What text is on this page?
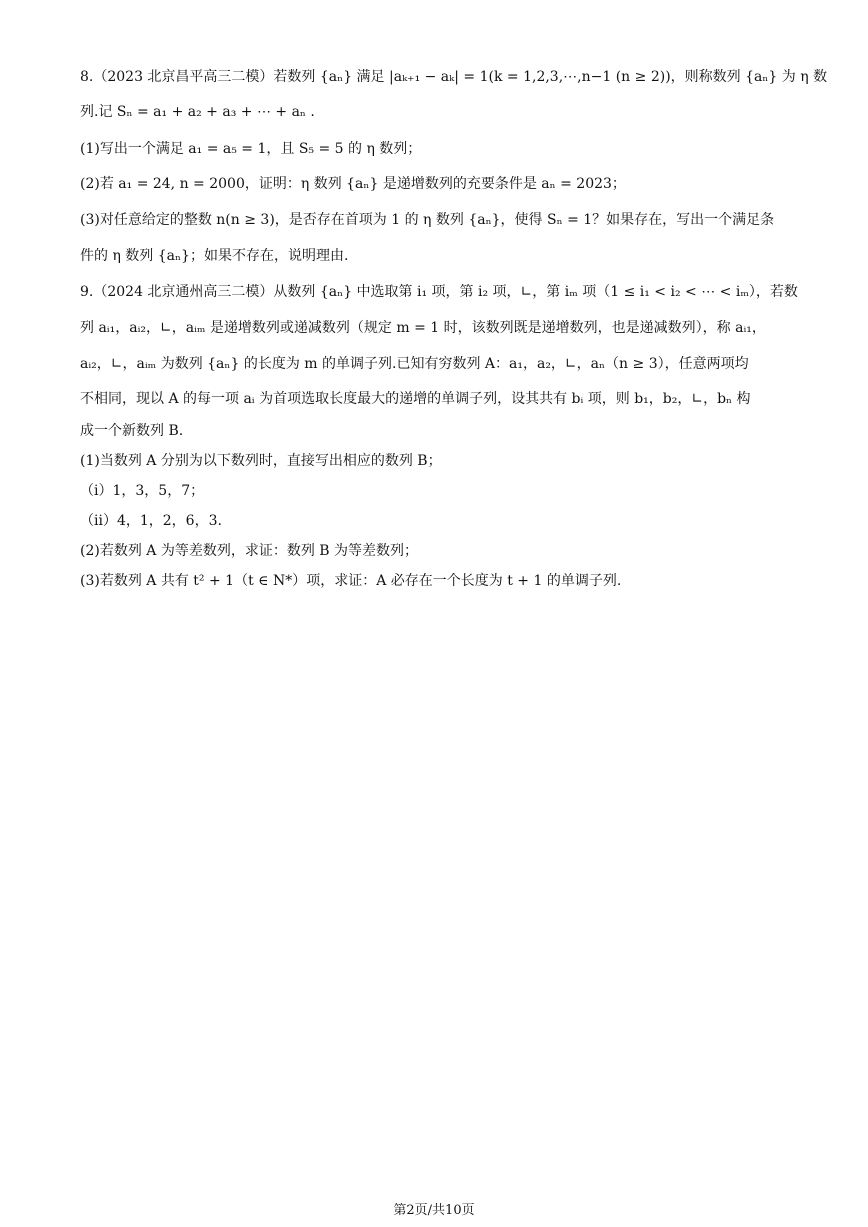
8.（2023 北京昌平高三二模）若数列 {aₙ} 满足 |aₖ₊₁ − aₖ| = 1(k = 1,2,3,⋯,n−1 (n ≥ 2))，则称数列 {aₙ} 为 η 数
列.记 Sₙ = a₁ + a₂ + a₃ + ⋯ + aₙ .
(1)写出一个满足 a₁ = a₅ = 1，且 S₅ = 5 的 η 数列；
(2)若 a₁ = 24, n = 2000，证明：η 数列 {aₙ} 是递增数列的充要条件是 aₙ = 2023；
(3)对任意给定的整数 n(n ≥ 3)，是否存在首项为 1 的 η 数列 {aₙ}，使得 Sₙ = 1？如果存在，写出一个满足条
件的 η 数列 {aₙ}；如果不存在，说明理由.
9.（2024 北京通州高三二模）从数列 {aₙ} 中选取第 i₁ 项，第 i₂ 项，∟，第 iₘ 项（1 ≤ i₁ < i₂ < ⋯ < iₘ），若数
列 aᵢ₁，aᵢ₂，∟，aᵢₘ 是递增数列或递减数列（规定 m = 1 时，该数列既是递增数列，也是递减数列），称 aᵢ₁，
aᵢ₂，∟，aᵢₘ 为数列 {aₙ} 的长度为 m 的单调子列.已知有穷数列 A：a₁，a₂，∟，aₙ（n ≥ 3），任意两项均
不相同，现以 A 的每一项 aᵢ 为首项选取长度最大的递增的单调子列，设其共有 bᵢ 项，则 b₁，b₂，∟，bₙ 构
成一个新数列 B.
(1)当数列 A 分别为以下数列时，直接写出相应的数列 B；
（ⅰ）1，3，5，7；
（ⅱ）4，1，2，6，3.
(2)若数列 A 为等差数列，求证：数列 B 为等差数列；
(3)若数列 A 共有 t² + 1（t ∈ N*）项，求证：A 必存在一个长度为 t + 1 的单调子列.
第2页/共10页
